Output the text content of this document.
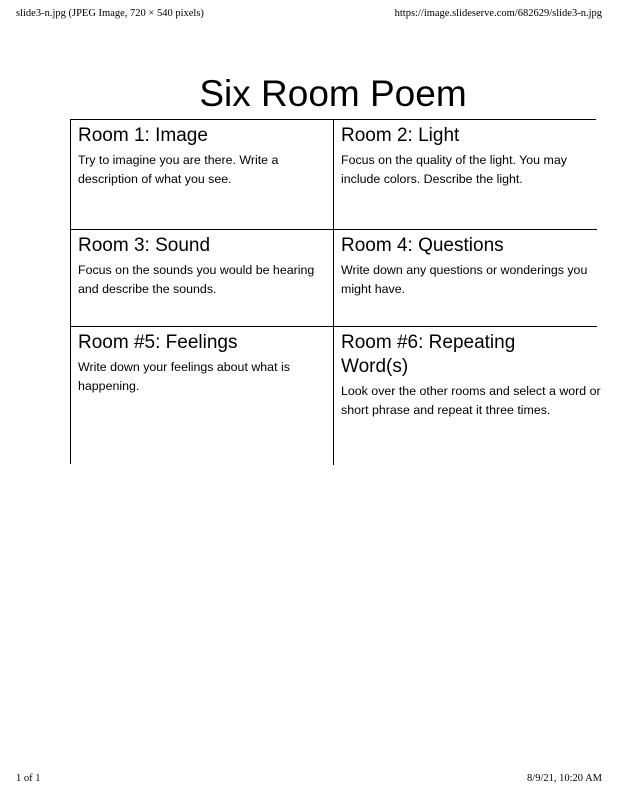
slide3-n.jpg (JPEG Image, 720 × 540 pixels)	https://image.slideserve.com/682629/slide3-n.jpg
Six Room Poem
Room 1: Image

Try to imagine you are there. Write a description of what you see.

Room 2: Light

Focus on the quality of the light. You may include colors. Describe the light.

Room 3: Sound

Focus on the sounds you would be hearing and describe the sounds.

Room 4: Questions

Write down any questions or wonderings you might have.

Room #5: Feelings

Write down your feelings about what is happening.

Room #6: Repeating Word(s)

Look over the other rooms and select a word or short phrase and repeat it three times.

1 of 1	8/9/21, 10:20 AM
